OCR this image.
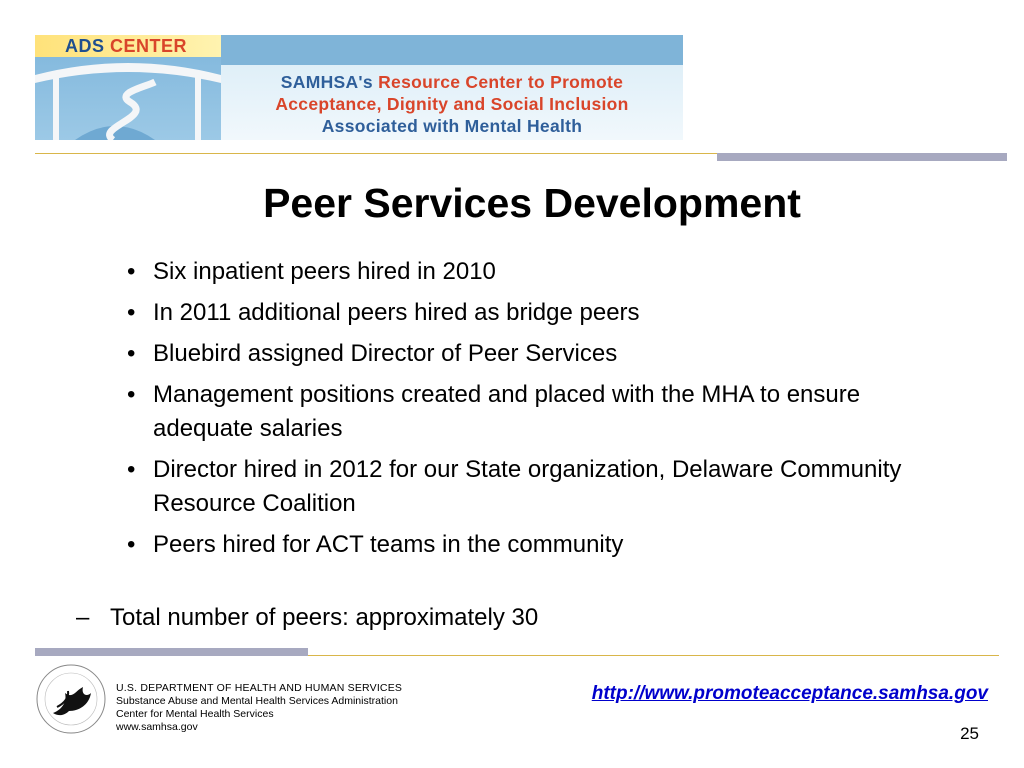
ADS CENTER
SAMHSA's Resource Center to Promote
Acceptance, Dignity and Social Inclusion
Associated with Mental Health
Peer Services Development
• Six inpatient peers hired in 2010
• In 2011 additional peers hired as bridge peers
• Bluebird assigned Director of Peer Services
• Management positions created and placed with the MHA to ensure adequate salaries
• Director hired in 2012 for our State organization, Delaware Community Resource Coalition
• Peers hired for ACT teams in the community
– Total number of peers: approximately 30
U.S. DEPARTMENT OF HEALTH AND HUMAN SERVICES
Substance Abuse and Mental Health Services Administration
Center for Mental Health Services
www.samhsa.gov
http://www.promoteacceptance.samhsa.gov
25
